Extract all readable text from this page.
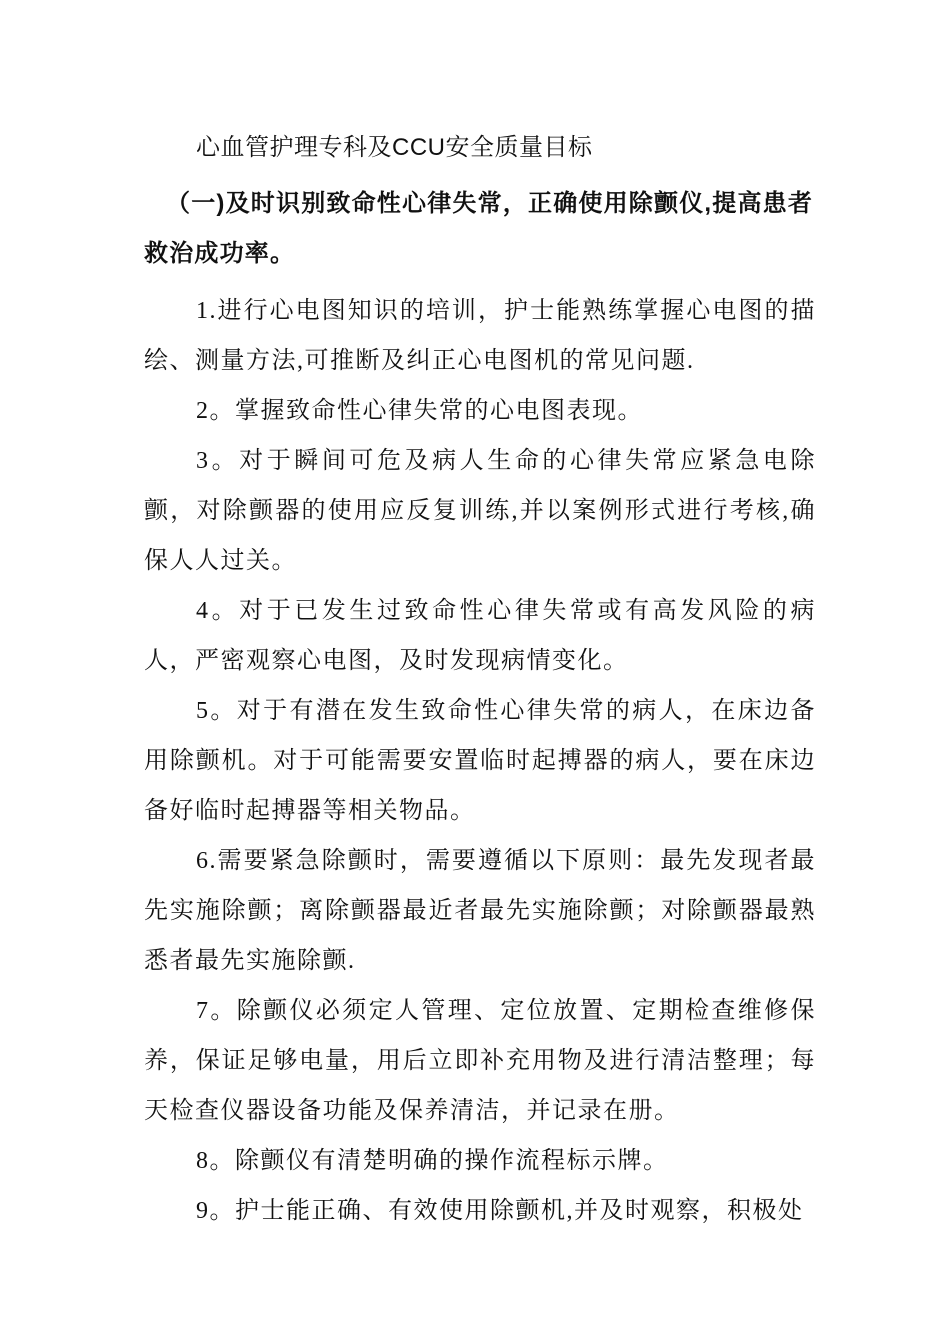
心血管护理专科及CCU安全质量目标

（一)及时识别致命性心律失常，正确使用除颤仪,提高患者救治成功率。

1.进行心电图知识的培训，护士能熟练掌握心电图的描绘、测量方法,可推断及纠正心电图机的常见问题.

2。掌握致命性心律失常的心电图表现。

3。对于瞬间可危及病人生命的心律失常应紧急电除颤，对除颤器的使用应反复训练,并以案例形式进行考核,确保人人过关。

4。对于已发生过致命性心律失常或有高发风险的病人，严密观察心电图，及时发现病情变化。

5。对于有潜在发生致命性心律失常的病人，在床边备用除颤机。对于可能需要安置临时起搏器的病人，要在床边备好临时起搏器等相关物品。

6.需要紧急除颤时，需要遵循以下原则：最先发现者最先实施除颤；离除颤器最近者最先实施除颤；对除颤器最熟悉者最先实施除颤.

7。除颤仪必须定人管理、定位放置、定期检查维修保养，保证足够电量，用后立即补充用物及进行清洁整理；每天检查仪器设备功能及保养清洁，并记录在册。

8。除颤仪有清楚明确的操作流程标示牌。

9。护士能正确、有效使用除颤机,并及时观察，积极处
